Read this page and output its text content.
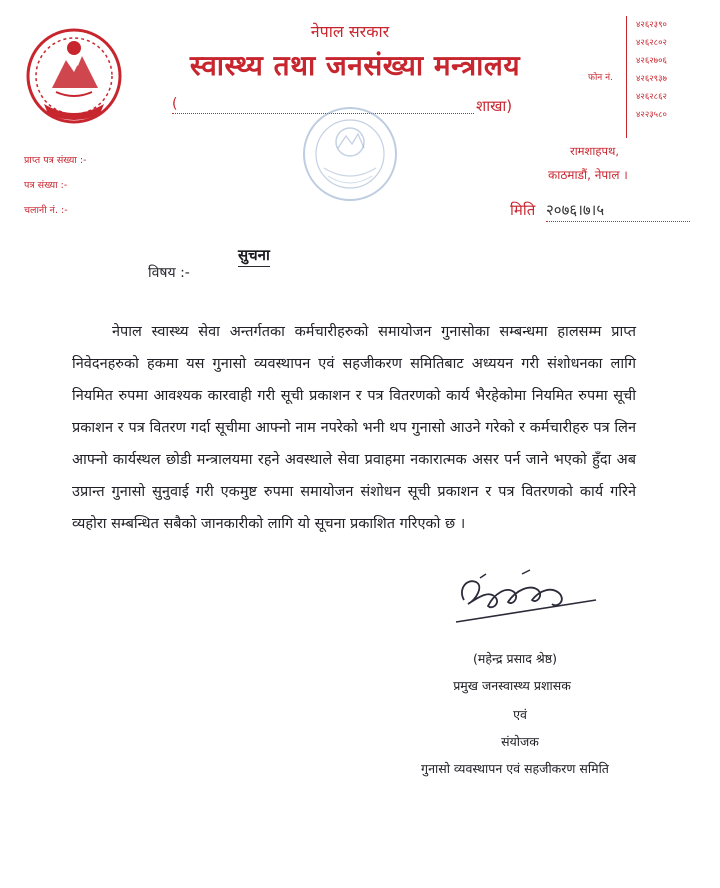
नेपाल सरकार
स्वास्थ्य तथा जनसंख्या मन्त्रालय
(	शाखा)
फोन नं.
४२६२३९०
४२६२८०२
४२६२७०६
४२६२९३७
४२६२८६२
४२२३५८०
रामशाहपथ,
काठमाडौं, नेपाल ।
मिति २०७६।७।५
प्राप्त पत्र संख्या :-
पत्र संख्या :-
चलानी नं. :-
विषय :-
सुचना

नेपाल स्वास्थ्य सेवा अन्तर्गतका कर्मचारीहरुको समायोजन गुनासोका सम्बन्धमा हालसम्म प्राप्त निवेदनहरुको हकमा यस गुनासो व्यवस्थापन एवं सहजीकरण समितिबाट अध्ययन गरी संशोधनका लागि नियमित रुपमा आवश्यक कारवाही गरी सूची प्रकाशन र पत्र वितरणको कार्य भैरहेकोमा नियमित रुपमा सूची प्रकाशन र पत्र वितरण गर्दा सूचीमा आफ्नो नाम नपरेको भनी थप गुनासो आउने गरेको र कर्मचारीहरु पत्र लिन आफ्नो कार्यस्थल छोडी मन्त्रालयमा रहने अवस्थाले सेवा प्रवाहमा नकारात्मक असर पर्न जाने भएको हुँदा अब उप्रान्त गुनासो सुनुवाई गरी एकमुष्ट रुपमा समायोजन संशोधन सूची प्रकाशन र पत्र वितरणको कार्य गरिने व्यहोरा सम्बन्धित सबैको जानकारीको लागि यो सूचना प्रकाशित गरिएको छ ।

(महेन्द्र प्रसाद श्रेष्ठ)
प्रमुख जनस्वास्थ्य प्रशासक
एवं
संयोजक
गुनासो व्यवस्थापन एवं सहजीकरण समिति
